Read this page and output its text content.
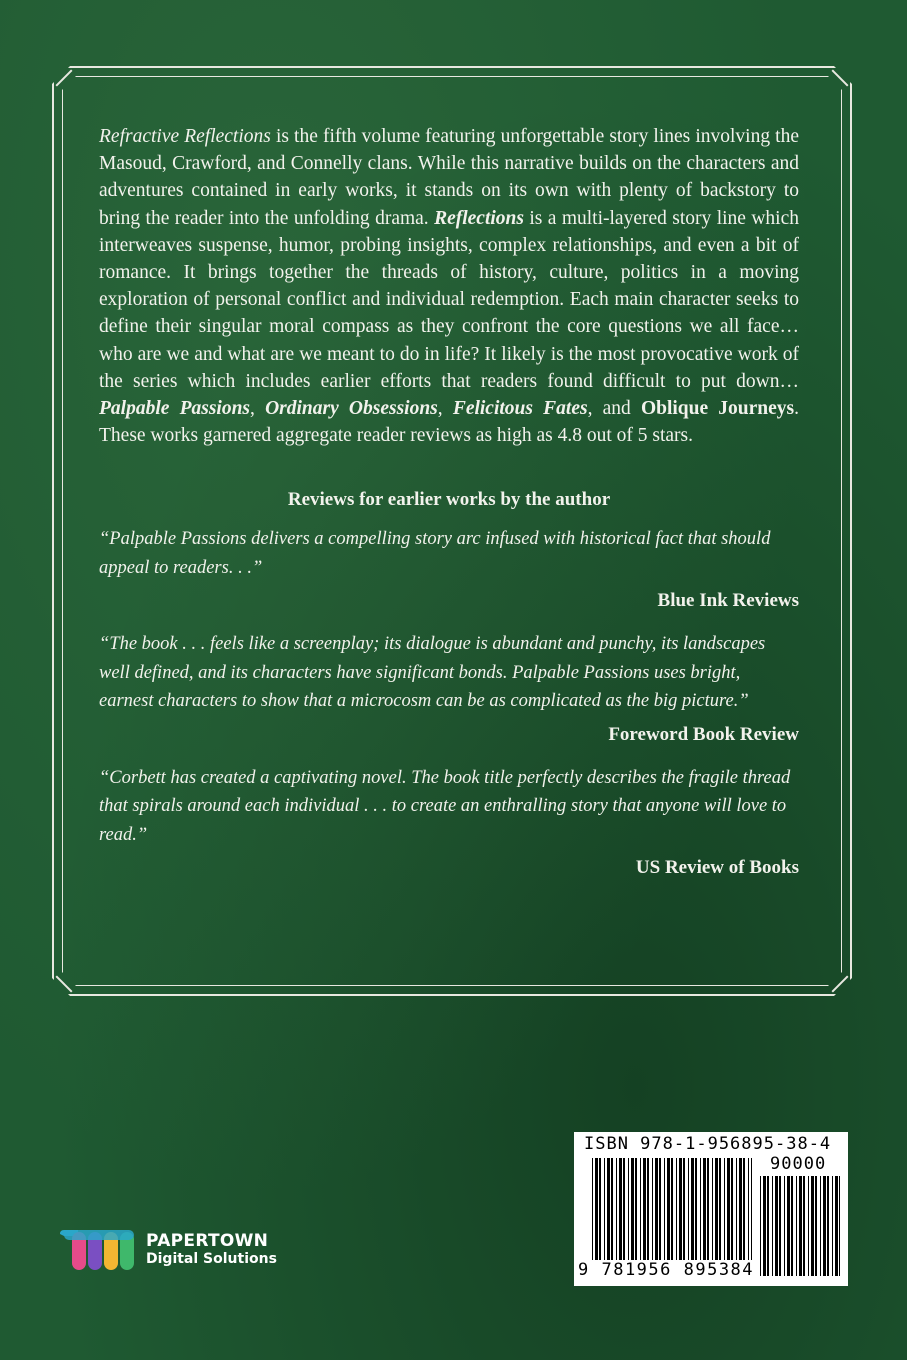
Refractive Reflections is the fifth volume featuring unforgettable story lines involving the Masoud, Crawford, and Connelly clans. While this narrative builds on the characters and adventures contained in early works, it stands on its own with plenty of backstory to bring the reader into the unfolding drama. Reflections is a multi-layered story line which interweaves suspense, humor, probing insights, complex relationships, and even a bit of romance. It brings together the threads of history, culture, politics in a moving exploration of personal conflict and individual redemption. Each main character seeks to define their singular moral compass as they confront the core questions we all face… who are we and what are we meant to do in life? It likely is the most provocative work of the series which includes earlier efforts that readers found difficult to put down… Palpable Passions, Ordinary Obsessions, Felicitous Fates, and Oblique Journeys. These works garnered aggregate reader reviews as high as 4.8 out of 5 stars.

Reviews for earlier works by the author

“Palpable Passions delivers a compelling story arc infused with historical fact that should appeal to readers. . .”

Blue Ink Reviews

“The book . . . feels like a screenplay; its dialogue is abundant and punchy, its landscapes well defined, and its characters have significant bonds. Palpable Passions uses bright, earnest characters to show that a microcosm can be as complicated as the big picture.”

Foreword Book Review

“Corbett has created a captivating novel. The book title perfectly describes the fragile thread that spirals around each individual . . . to create an enthralling story that anyone will love to read.”

US Review of Books
PAPERTOWN
Digital Solutions
ISBN 978-1-956895-38-4
90000
9 781956 895384
